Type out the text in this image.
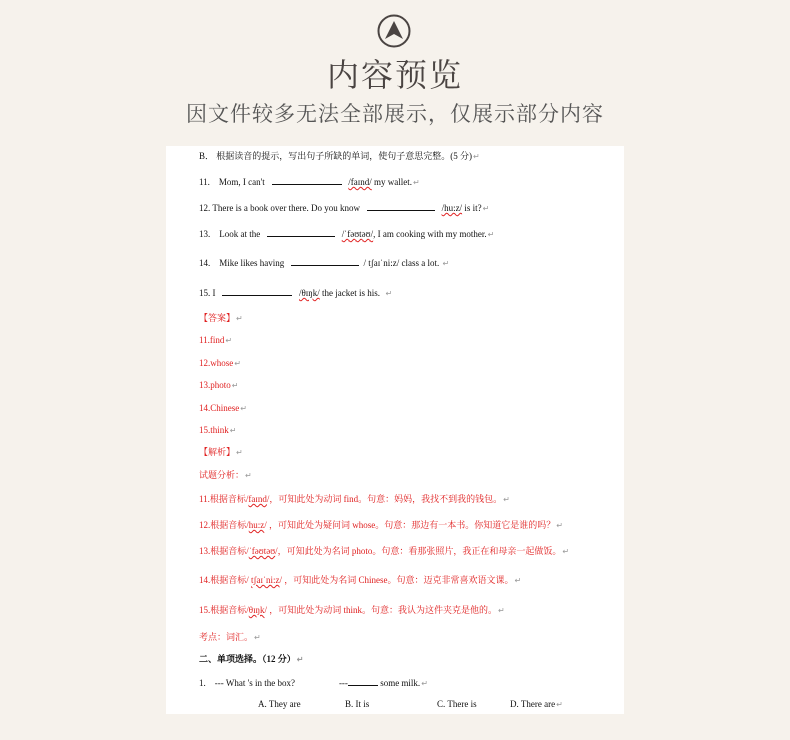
内容预览
因文件较多无法全部展示，仅展示部分内容
B． 根据读音的提示，写出句子所缺的单词，使句子意思完整。(5 分)↵
11. Mom, I can't	/faɪnd/ my wallet.↵
12. There is a book over there. Do you know	/hu:z/ is it?↵
13. Look at the	/ˈfəʊtəʊ/, I am cooking with my mother.↵
14. Mike likes having	/ tʃaɪˈni:z/ class a lot. ↵
15. I	/θɪŋk/ the jacket is his. ↵
【答案】↵
11.find↵
12.whose↵
13.photo↵
14.Chinese↵
15.think↵
【解析】↵
试题分析：↵
11.根据音标/faɪnd/，可知此处为动词 find。句意：妈妈，我找不到我的钱包。↵
12.根据音标/hu:z/ ，可知此处为疑问词 whose。句意：那边有一本书。你知道它是谁的吗？↵
13.根据音标/ˈfəʊtəʊ/，可知此处为名词 photo。句意：看那张照片，我正在和母亲一起做饭。↵
14.根据音标/ tʃaɪˈni:z/ ，可知此处为名词 Chinese。句意：迈克非常喜欢语文课。↵
15.根据音标/θɪŋk/ ，可知此处为动词 think。句意：我认为这件夹克是他的。↵
考点：词汇。↵
二、单项选择。（12 分）↵
1. --- What 's in the box?	---	some milk.↵
A. They are	B. It is	C. There is	D. There are↵
